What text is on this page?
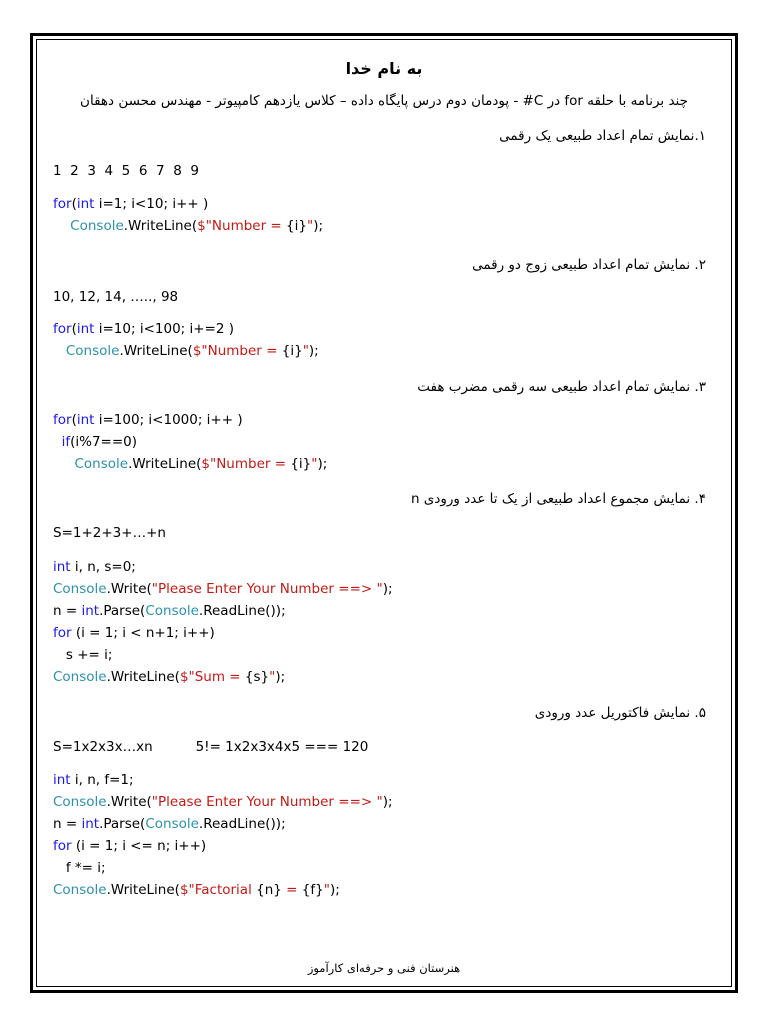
به نام خدا
چند برنامه با حلقه for در C# - پودمان دوم درس پایگاه داده – کلاس یازدهم کامپیوتر - مهندس محسن دهقان
۱.نمایش تمام اعداد طبیعی یک رقمی
1  2  3  4  5  6  7  8  9
for(int i=1; i<10; i++ )
Console.WriteLine($"Number = {i}");
۲. نمایش تمام اعداد طبیعی زوج دو رقمی
10, 12, 14, ….., 98
for(int i=10; i<100; i+=2 )
Console.WriteLine($"Number = {i}");
۳. نمایش تمام اعداد طبیعی سه رقمی مضرب هفت
for(int i=100; i<1000; i++ )
if(i%7==0)
Console.WriteLine($"Number = {i}");
۴. نمایش مجموع اعداد طبیعی از یک تا عدد ورودی n
S=1+2+3+…+n
int i, n, s=0;
Console.Write("Please Enter Your Number ==> ");
n = int.Parse(Console.ReadLine());
for (i = 1; i < n+1; i++)
s += i;
Console.WriteLine($"Sum = {s}");
۵. نمایش فاکتوریل عدد ورودی
S=1x2x3x…xn          5!= 1x2x3x4x5 === 120
int i, n, f=1;
Console.Write("Please Enter Your Number ==> ");
n = int.Parse(Console.ReadLine());
for (i = 1; i <= n; i++)
f *= i;
Console.WriteLine($"Factorial {n} = {f}");
هنرستان فنی و حرفه‌ای کارآموز
